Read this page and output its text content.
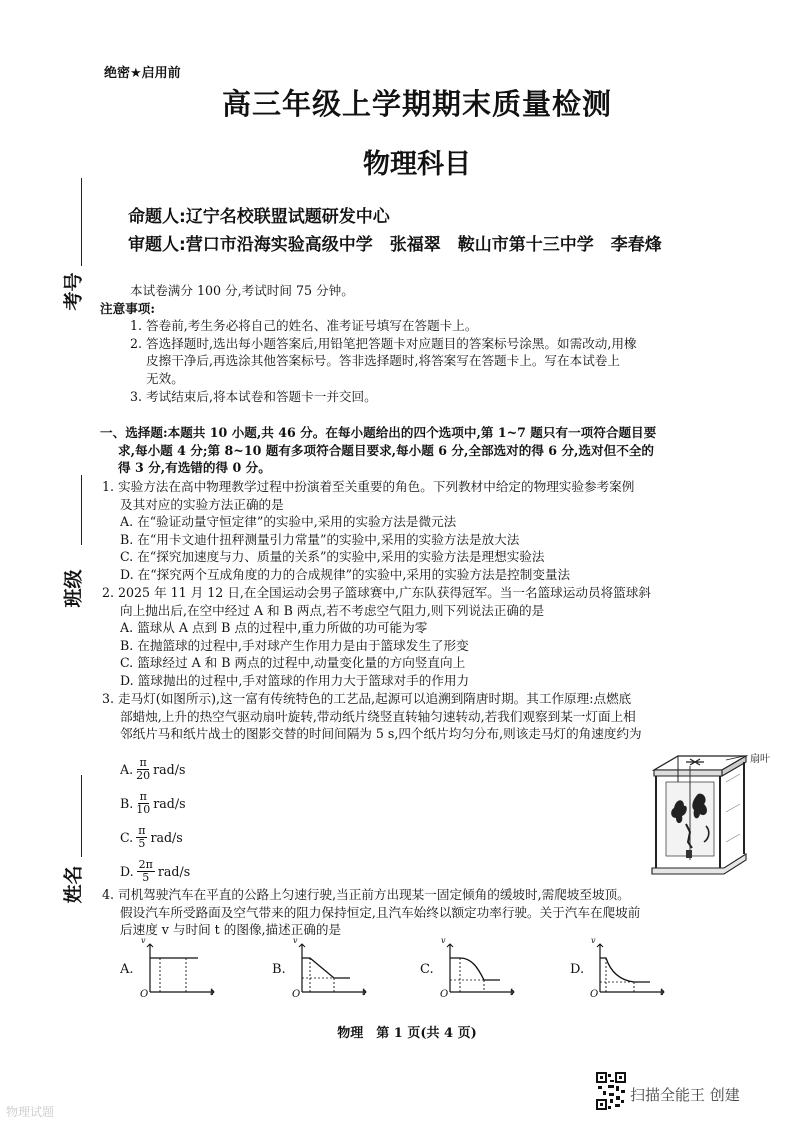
绝密★启用前
高三年级上学期期末质量检测
物理科目
命题人:辽宁名校联盟试题研发中心
审题人:营口市沿海实验高级中学　张福翠　鞍山市第十三中学　李春烽
考号
班级
姓名
本试卷满分 100 分,考试时间 75 分钟。
注意事项:
1. 答卷前,考生务必将自己的姓名、准考证号填写在答题卡上。
2. 答选择题时,选出每小题答案后,用铅笔把答题卡对应题目的答案标号涂黑。如需改动,用橡
皮擦干净后,再选涂其他答案标号。答非选择题时,将答案写在答题卡上。写在本试卷上
无效。
3. 考试结束后,将本试卷和答题卡一并交回。
一、选择题:本题共 10 小题,共 46 分。在每小题给出的四个选项中,第 1~7 题只有一项符合题目要
求,每小题 4 分;第 8~10 题有多项符合题目要求,每小题 6 分,全部选对的得 6 分,选对但不全的
得 3 分,有选错的得 0 分。
1. 实验方法在高中物理教学过程中扮演着至关重要的角色。下列教材中给定的物理实验参考案例
及其对应的实验方法正确的是
A. 在“验证动量守恒定律”的实验中,采用的实验方法是微元法
B. 在“用卡文迪什扭秤测量引力常量”的实验中,采用的实验方法是放大法
C. 在“探究加速度与力、质量的关系”的实验中,采用的实验方法是理想实验法
D. 在“探究两个互成角度的力的合成规律”的实验中,采用的实验方法是控制变量法
2. 2025 年 11 月 12 日,在全国运动会男子篮球赛中,广东队获得冠军。当一名篮球运动员将篮球斜
向上抛出后,在空中经过 A 和 B 两点,若不考虑空气阻力,则下列说法正确的是
A. 篮球从 A 点到 B 点的过程中,重力所做的功可能为零
B. 在抛篮球的过程中,手对球产生作用力是由于篮球发生了形变
C. 篮球经过 A 和 B 两点的过程中,动量变化量的方向竖直向上
D. 篮球抛出的过程中,手对篮球的作用力大于篮球对手的作用力
3. 走马灯(如图所示),这一富有传统特色的工艺品,起源可以追溯到隋唐时期。其工作原理:点燃底
部蜡烛,上升的热空气驱动扇叶旋转,带动纸片绕竖直转轴匀速转动,若我们观察到某一灯面上相
邻纸片马和纸片战士的图影交替的时间间隔为 5 s,四个纸片均匀分布,则该走马灯的角速度约为
A. $\frac{\pi}{20} rad/s$
B. $\frac{\pi}{10} rad/s$
C. $\frac{\pi}{5} rad/s$
D. $\frac{2\pi}{5} rad/s$
扇叶
4. 司机驾驶汽车在平直的公路上匀速行驶,当正前方出现某一固定倾角的缓坡时,需爬坡至坡顶。
假设汽车所受路面及空气带来的阻力保持恒定,且汽车始终以额定功率行驶。关于汽车在爬坡前
后速度 v 与时间 t 的图像,描述正确的是
A.
v
t
O
B.
v
t
O
C.
v
t
O
D.
v
t
O
物理　第 1 页(共 4 页)
物理试题
扫描全能王 创建
